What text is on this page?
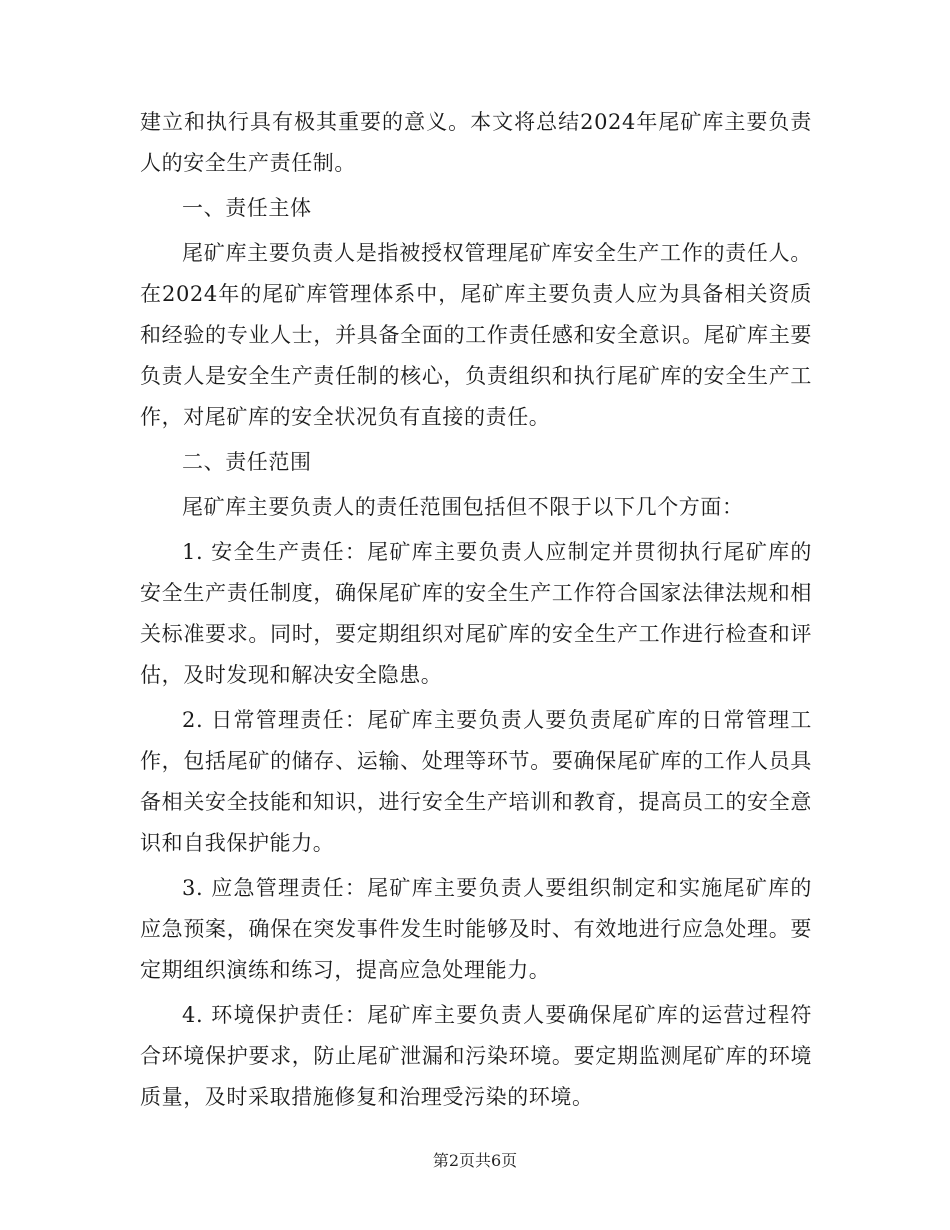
建立和执行具有极其重要的意义。本文将总结2024年尾矿库主要负责人的安全生产责任制。

一、责任主体

尾矿库主要负责人是指被授权管理尾矿库安全生产工作的责任人。在2024年的尾矿库管理体系中，尾矿库主要负责人应为具备相关资质和经验的专业人士，并具备全面的工作责任感和安全意识。尾矿库主要负责人是安全生产责任制的核心，负责组织和执行尾矿库的安全生产工作，对尾矿库的安全状况负有直接的责任。

二、责任范围

尾矿库主要负责人的责任范围包括但不限于以下几个方面：

1. 安全生产责任：尾矿库主要负责人应制定并贯彻执行尾矿库的安全生产责任制度，确保尾矿库的安全生产工作符合国家法律法规和相关标准要求。同时，要定期组织对尾矿库的安全生产工作进行检查和评估，及时发现和解决安全隐患。

2. 日常管理责任：尾矿库主要负责人要负责尾矿库的日常管理工作，包括尾矿的储存、运输、处理等环节。要确保尾矿库的工作人员具备相关安全技能和知识，进行安全生产培训和教育，提高员工的安全意识和自我保护能力。

3. 应急管理责任：尾矿库主要负责人要组织制定和实施尾矿库的应急预案，确保在突发事件发生时能够及时、有效地进行应急处理。要定期组织演练和练习，提高应急处理能力。

4. 环境保护责任：尾矿库主要负责人要确保尾矿库的运营过程符合环境保护要求，防止尾矿泄漏和污染环境。要定期监测尾矿库的环境质量，及时采取措施修复和治理受污染的环境。

第2页共6页
